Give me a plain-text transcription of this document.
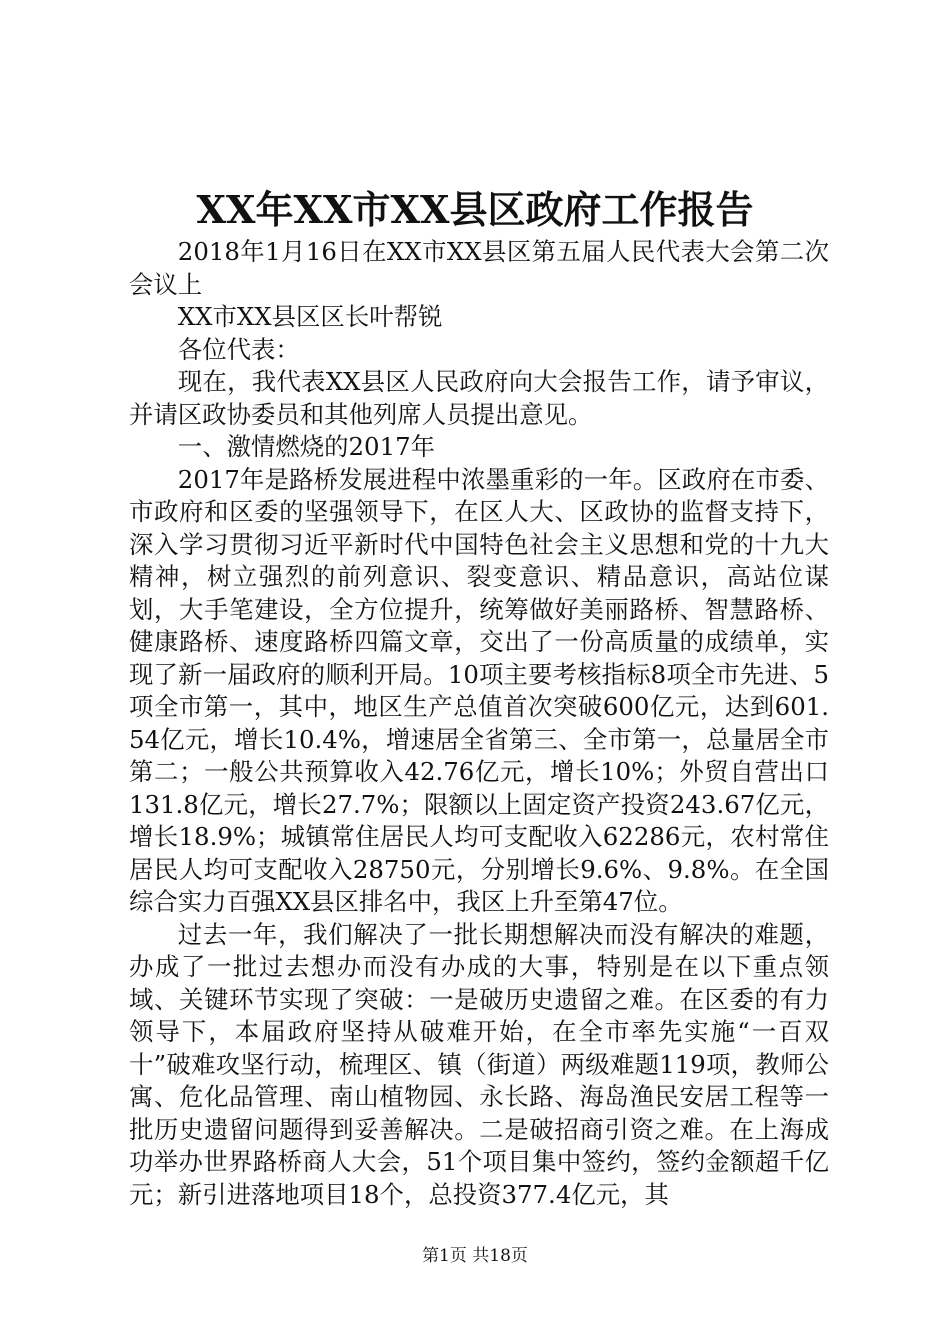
XX年XX市XX县区政府工作报告

2018年1月16日在XX市XX县区第五届人民代表大会第二次会议上

XX市XX县区区长叶帮锐

各位代表：

现在，我代表XX县区人民政府向大会报告工作，请予审议，并请区政协委员和其他列席人员提出意见。

一、激情燃烧的2017年

2017年是路桥发展进程中浓墨重彩的一年。区政府在市委、市政府和区委的坚强领导下，在区人大、区政协的监督支持下，深入学习贯彻习近平新时代中国特色社会主义思想和党的十九大精神，树立强烈的前列意识、裂变意识、精品意识，高站位谋划，大手笔建设，全方位提升，统筹做好美丽路桥、智慧路桥、健康路桥、速度路桥四篇文章，交出了一份高质量的成绩单，实现了新一届政府的顺利开局。10项主要考核指标8项全市先进、5项全市第一，其中，地区生产总值首次突破600亿元，达到601.54亿元，增长10.4%，增速居全省第三、全市第一，总量居全市第二；一般公共预算收入42.76亿元，增长10%；外贸自营出口131.8亿元，增长27.7%；限额以上固定资产投资243.67亿元，增长18.9%；城镇常住居民人均可支配收入62286元，农村常住居民人均可支配收入28750元，分别增长9.6%、9.8%。在全国综合实力百强XX县区排名中，我区上升至第47位。

过去一年，我们解决了一批长期想解决而没有解决的难题，办成了一批过去想办而没有办成的大事，特别是在以下重点领域、关键环节实现了突破：一是破历史遗留之难。在区委的有力领导下，本届政府坚持从破难开始，在全市率先实施“一百双十”破难攻坚行动，梳理区、镇（街道）两级难题119项，教师公寓、危化品管理、南山植物园、永长路、海岛渔民安居工程等一批历史遗留问题得到妥善解决。二是破招商引资之难。在上海成功举办世界路桥商人大会，51个项目集中签约，签约金额超千亿元；新引进落地项目18个，总投资377.4亿元，其

第1页 共18页
